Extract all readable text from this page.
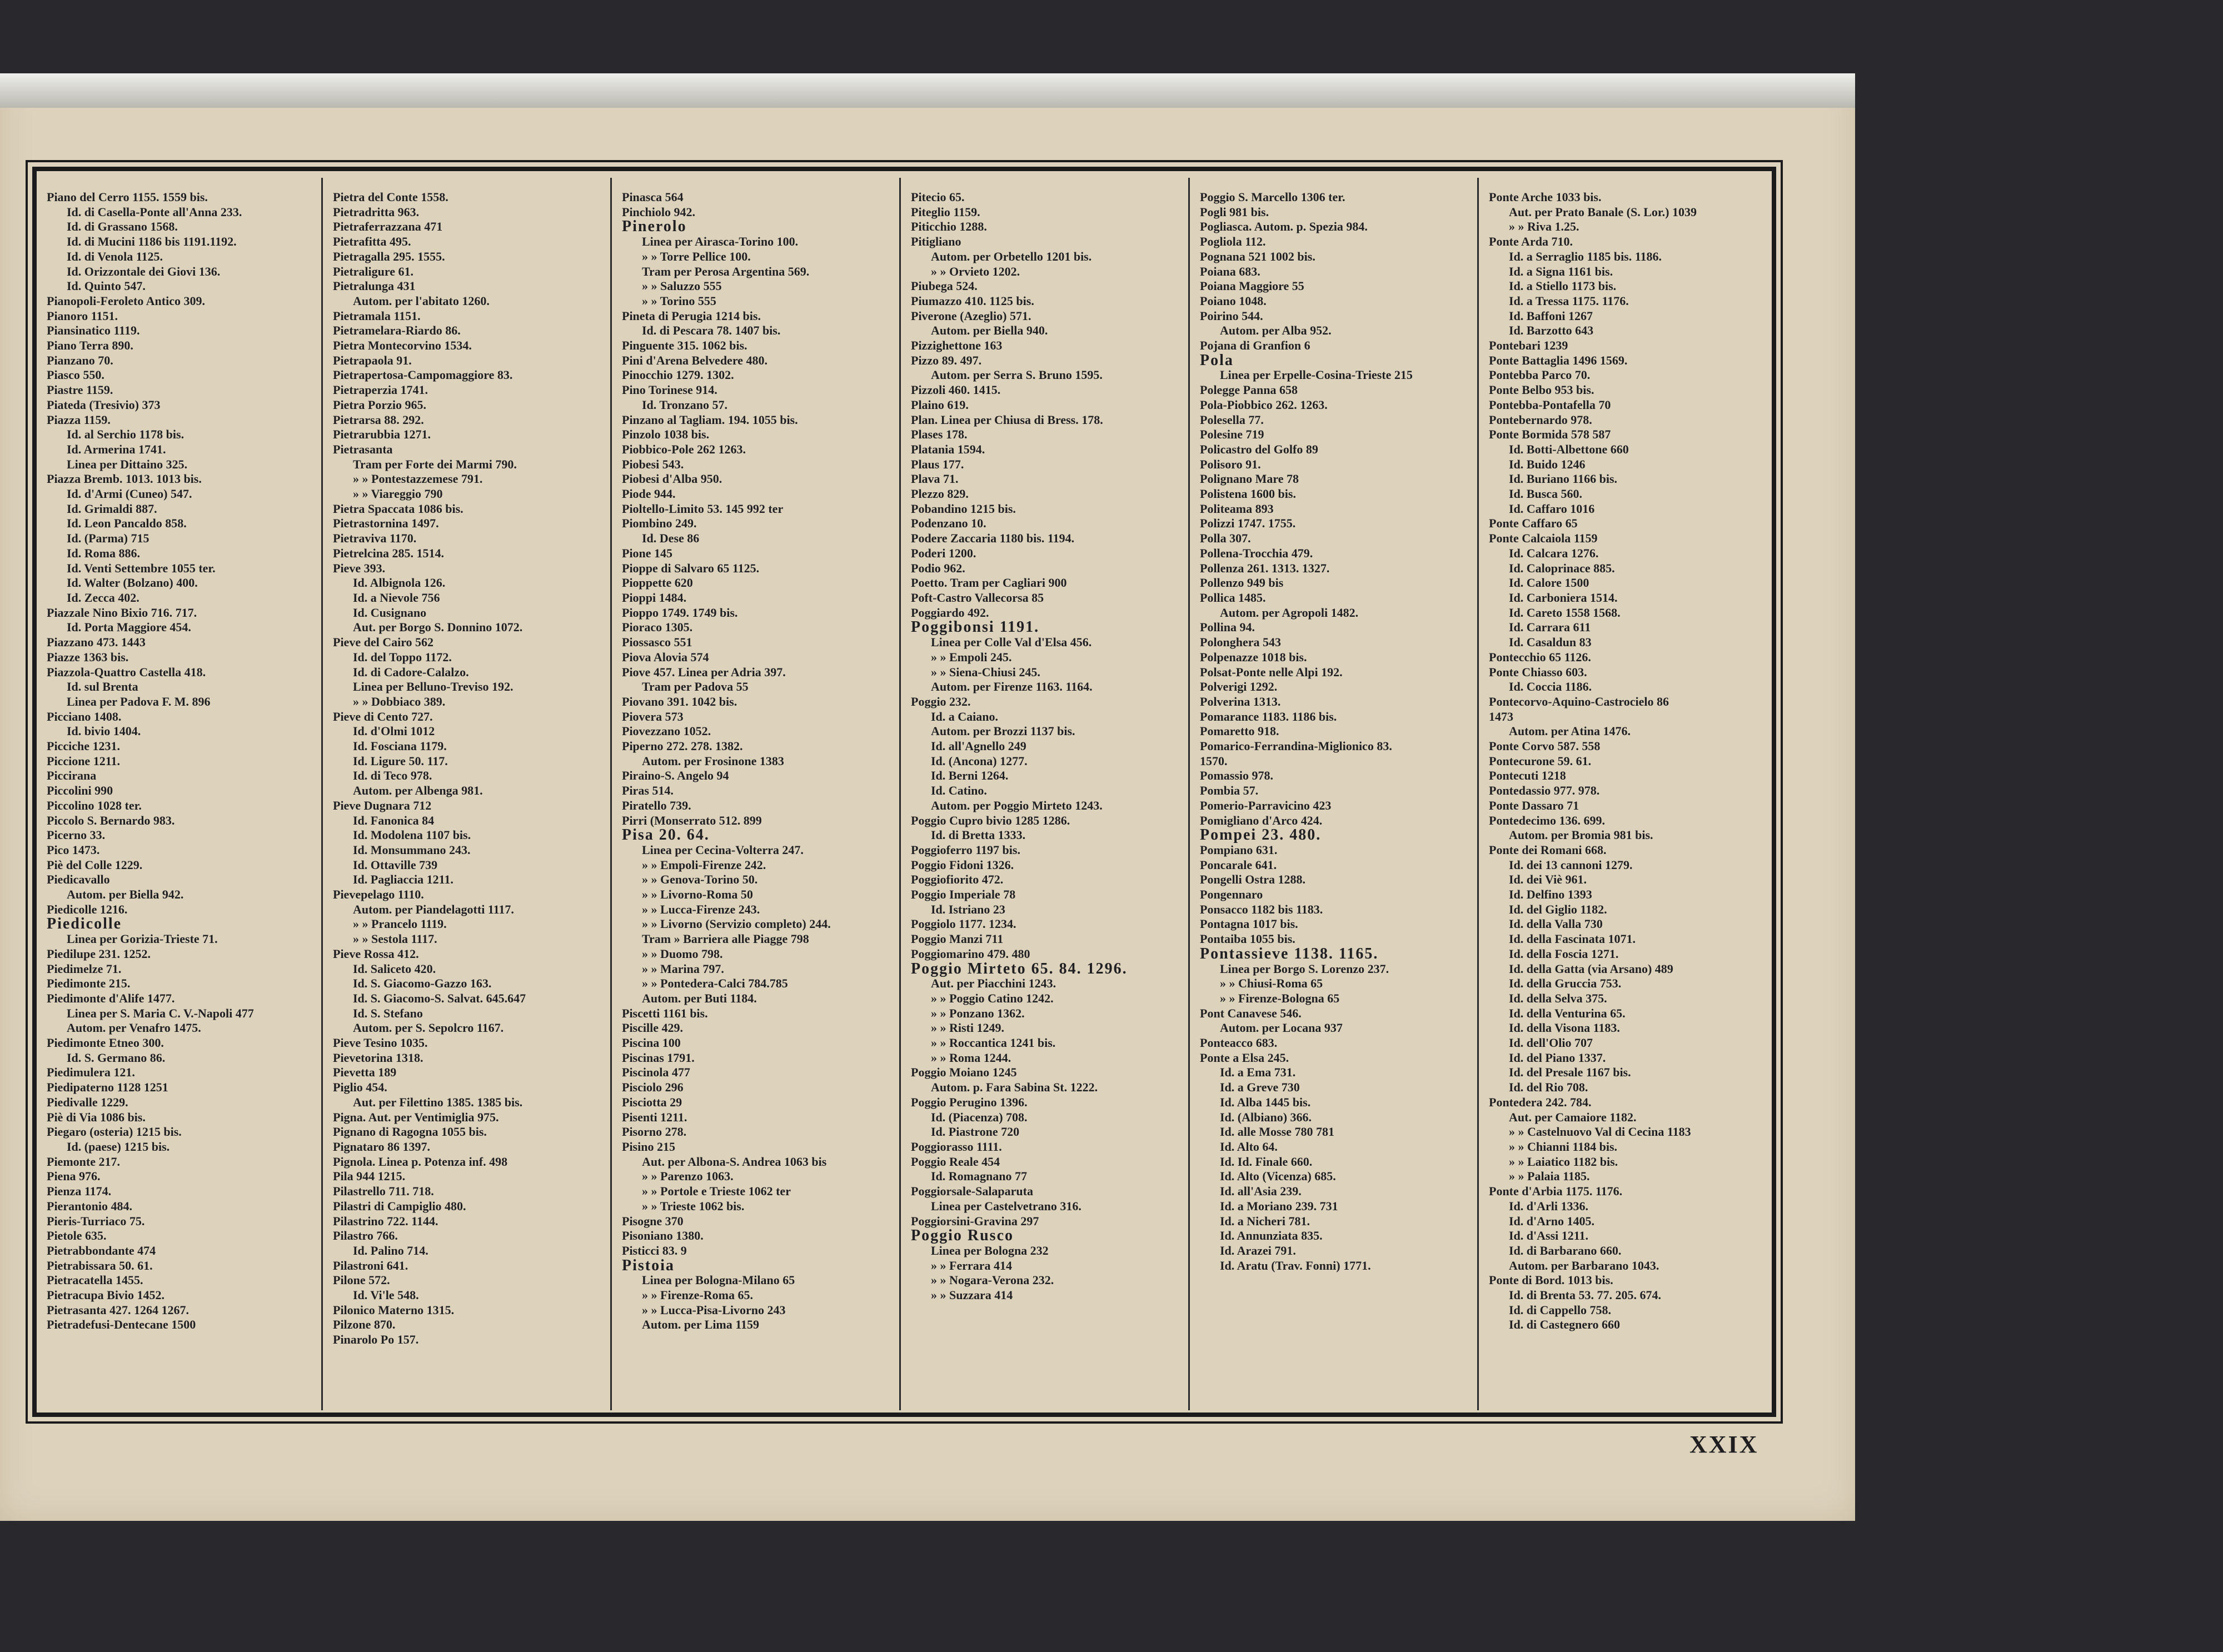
Piano del Cerro 1155. 1559 bis.
Id. di Casella-Ponte all'Anna 233.
Id. di Grassano 1568.
Id. di Mucini 1186 bis 1191.1192.
Id. di Venola 1125.
Id. Orizzontale dei Giovi 136.
Id. Quinto 547.
Pianopoli-Feroleto Antico 309.
Pianoro 1151.
Piansinatico 1119.
Piano Terra 890.
Pianzano 70.
Piasco 550.
Piastre 1159.
Piateda (Tresivio) 373
Piazza 1159.
Id. al Serchio 1178 bis.
Id. Armerina 1741.
Linea per Dittaino 325.
Piazza Bremb. 1013. 1013 bis.
Id. d'Armi (Cuneo) 547.
Id. Grimaldi 887.
Id. Leon Pancaldo 858.
Id. (Parma) 715
Id. Roma 886.
Id. Venti Settembre 1055 ter.
Id. Walter (Bolzano) 400.
Id. Zecca 402.
Piazzale Nino Bixio 716. 717.
Id. Porta Maggiore 454.
Piazzano 473. 1443
Piazze 1363 bis.
Piazzola-Quattro Castella 418.
Id. sul Brenta
Linea per Padova F. M. 896
Picciano 1408.
Id. bivio 1404.
Picciche 1231.
Piccione 1211.
Piccirana
Piccolini 990
Piccolino 1028 ter.
Piccolo S. Bernardo 983.
Picerno 33.
Pico 1473.
Piè del Colle 1229.
Piedicavallo
Autom. per Biella 942.
Piedicolle 1216.
Piedicolle
Linea per Gorizia-Trieste 71.
Piedilupe 231. 1252.
Piedimelze 71.
Piedimonte 215.
Piedimonte d'Alife 1477.
Linea per S. Maria C. V.-Napoli 477
Autom. per Venafro 1475.
Piedimonte Etneo 300.
Id. S. Germano 86.
Piedimulera 121.
Piedipaterno 1128 1251
Piedivalle 1229.
Piè di Via 1086 bis.
Piegaro (osteria) 1215 bis.
Id. (paese) 1215 bis.
Piemonte 217.
Piena 976.
Pienza 1174.
Pierantonio 484.
Pieris-Turriaco 75.
Pietole 635.
Pietrabbondante 474
Pietrabissara 50. 61.
Pietracatella 1455.
Pietracupa Bivio 1452.
Pietrasanta 427. 1264 1267.
Pietradefusi-Dentecane 1500
Pietra del Conte 1558.
Pietradritta 963.
Pietraferrazzana 471
Pietrafitta 495.
Pietragalla 295. 1555.
Pietraligure 61.
Pietralunga 431
Autom. per l'abitato 1260.
Pietramala 1151.
Pietramelara-Riardo 86.
Pietra Montecorvino 1534.
Pietrapaola 91.
Pietrapertosa-Campomaggiore 83.
Pietraperzia 1741.
Pietra Porzio 965.
Pietrarsa 88. 292.
Pietrarubbia 1271.
Pietrasanta
Tram per Forte dei Marmi 790.
» » Pontestazzemese 791.
» » Viareggio 790
Pietra Spaccata 1086 bis.
Pietrastornina 1497.
Pietraviva 1170.
Pietrelcina 285. 1514.
Pieve 393.
Id. Albignola 126.
Id. a Nievole 756
Id. Cusignano
Aut. per Borgo S. Donnino 1072.
Pieve del Cairo 562
Id. del Toppo 1172.
Id. di Cadore-Calalzo.
Linea per Belluno-Treviso 192.
» » Dobbiaco 389.
Pieve di Cento 727.
Id. d'Olmi 1012
Id. Fosciana 1179.
Id. Ligure 50. 117.
Id. di Teco 978.
Autom. per Albenga 981.
Pieve Dugnara 712
Id. Fanonica 84
Id. Modolena 1107 bis.
Id. Monsummano 243.
Id. Ottaville 739
Id. Pagliaccia 1211.
Pievepelago 1110.
Autom. per Piandelagotti 1117.
» » Prancelo 1119.
» » Sestola 1117.
Pieve Rossa 412.
Id. Saliceto 420.
Id. S. Giacomo-Gazzo 163.
Id. S. Giacomo-S. Salvat. 645.647
Id. S. Stefano
Autom. per S. Sepolcro 1167.
Pieve Tesino 1035.
Pievetorina 1318.
Pievetta 189
Piglio 454.
Aut. per Filettino 1385. 1385 bis.
Pigna. Aut. per Ventimiglia 975.
Pignano di Ragogna 1055 bis.
Pignataro 86 1397.
Pignola. Linea p. Potenza inf. 498
Pila 944 1215.
Pilastrello 711. 718.
Pilastri di Campiglio 480.
Pilastrino 722. 1144.
Pilastro 766.
Id. Palino 714.
Pilastroni 641.
Pilone 572.
Id. Vi'le 548.
Pilonico Materno 1315.
Pilzone 870.
Pinarolo Po 157.
Pinasca 564
Pinchiolo 942.
Pinerolo
Linea per Airasca-Torino 100.
» » Torre Pellice 100.
Tram per Perosa Argentina 569.
» » Saluzzo 555
» » Torino 555
Pineta di Perugia 1214 bis.
Id. di Pescara 78. 1407 bis.
Pinguente 315. 1062 bis.
Pini d'Arena Belvedere 480.
Pinocchio 1279. 1302.
Pino Torinese 914.
Id. Tronzano 57.
Pinzano al Tagliam. 194. 1055 bis.
Pinzolo 1038 bis.
Piobbico-Pole 262 1263.
Piobesi 543.
Piobesi d'Alba 950.
Piode 944.
Pioltello-Limito 53. 145 992 ter
Piombino 249.
Id. Dese 86
Pione 145
Pioppe di Salvaro 65 1125.
Pioppette 620
Pioppi 1484.
Pioppo 1749. 1749 bis.
Pioraco 1305.
Piossasco 551
Piova Alovia 574
Piove 457. Linea per Adria 397.
Tram per Padova 55
Piovano 391. 1042 bis.
Piovera 573
Piovezzano 1052.
Piperno 272. 278. 1382.
Autom. per Frosinone 1383
Piraino-S. Angelo 94
Piras 514.
Piratello 739.
Pirri (Monserrato 512. 899
Pisa 20. 64.
Linea per Cecina-Volterra 247.
» » Empoli-Firenze 242.
» » Genova-Torino 50.
» » Livorno-Roma 50
» » Lucca-Firenze 243.
» » Livorno (Servizio completo) 244.
Tram » Barriera alle Piagge 798
» » Duomo 798.
» » Marina 797.
» » Pontedera-Calci 784.785
Autom. per Buti 1184.
Piscetti 1161 bis.
Piscille 429.
Piscina 100
Piscinas 1791.
Piscinola 477
Pisciolo 296
Pisciotta 29
Pisenti 1211.
Pisorno 278.
Pisino 215
Aut. per Albona-S. Andrea 1063 bis
» » Parenzo 1063.
» » Portole e Trieste 1062 ter
» » Trieste 1062 bis.
Pisogne 370
Pisoniano 1380.
Pisticci 83. 9
Pistoia
Linea per Bologna-Milano 65
» » Firenze-Roma 65.
» » Lucca-Pisa-Livorno 243
Autom. per Lima 1159
Pitecio 65.
Piteglio 1159.
Piticchio 1288.
Pitigliano
Autom. per Orbetello 1201 bis.
» » Orvieto 1202.
Piubega 524.
Piumazzo 410. 1125 bis.
Piverone (Azeglio) 571.
Autom. per Biella 940.
Pizzighettone 163
Pizzo 89. 497.
Autom. per Serra S. Bruno 1595.
Pizzoli 460. 1415.
Plaino 619.
Plan. Linea per Chiusa di Bress. 178.
Plases 178.
Platania 1594.
Plaus 177.
Plava 71.
Plezzo 829.
Pobandino 1215 bis.
Podenzano 10.
Podere Zaccaria 1180 bis. 1194.
Poderi 1200.
Podio 962.
Poetto. Tram per Cagliari 900
Poft-Castro Vallecorsa 85
Poggiardo 492.
Poggibonsi 1191.
Linea per Colle Val d'Elsa 456.
» » Empoli 245.
» » Siena-Chiusi 245.
Autom. per Firenze 1163. 1164.
Poggio 232.
Id. a Caiano.
Autom. per Brozzi 1137 bis.
Id. all'Agnello 249
Id. (Ancona) 1277.
Id. Berni 1264.
Id. Catino.
Autom. per Poggio Mirteto 1243.
Poggio Cupro bivio 1285 1286.
Id. di Bretta 1333.
Poggioferro 1197 bis.
Poggio Fidoni 1326.
Poggiofiorito 472.
Poggio Imperiale 78
Id. Istriano 23
Poggiolo 1177. 1234.
Poggio Manzi 711
Poggiomarino 479. 480
Poggio Mirteto 65. 84. 1296.
Aut. per Piacchini 1243.
» » Poggio Catino 1242.
» » Ponzano 1362.
» » Risti 1249.
» » Roccantica 1241 bis.
» » Roma 1244.
Poggio Moiano 1245
Autom. p. Fara Sabina St. 1222.
Poggio Perugino 1396.
Id. (Piacenza) 708.
Id. Piastrone 720
Poggiorasso 1111.
Poggio Reale 454
Id. Romagnano 77
Poggiorsale-Salaparuta
Linea per Castelvetrano 316.
Poggiorsini-Gravina 297
Poggio Rusco
Linea per Bologna 232
» » Ferrara 414
» » Nogara-Verona 232.
» » Suzzara 414
Poggio S. Marcello 1306 ter.
Pogli 981 bis.
Pogliasca. Autom. p. Spezia 984.
Pogliola 112.
Pognana 521 1002 bis.
Poiana 683.
Poiana Maggiore 55
Poiano 1048.
Poirino 544.
Autom. per Alba 952.
Pojana di Granfion 6
Pola
Linea per Erpelle-Cosina-Trieste 215
Polegge Panna 658
Pola-Piobbico 262. 1263.
Polesella 77.
Polesine 719
Policastro del Golfo 89
Polisoro 91.
Polignano Mare 78
Polistena 1600 bis.
Politeama 893
Polizzi 1747. 1755.
Polla 307.
Pollena-Trocchia 479.
Pollenza 261. 1313. 1327.
Pollenzo 949 bis
Pollica 1485.
Autom. per Agropoli 1482.
Pollina 94.
Polonghera 543
Polpenazze 1018 bis.
Polsat-Ponte nelle Alpi 192.
Polverigi 1292.
Polverina 1313.
Pomarance 1183. 1186 bis.
Pomaretto 918.
Pomarico-Ferrandina-Miglionico 83.
1570.
Pomassio 978.
Pombia 57.
Pomerio-Parravicino 423
Pomigliano d'Arco 424.
Pompei 23. 480.
Pompiano 631.
Poncarale 641.
Pongelli Ostra 1288.
Pongennaro
Ponsacco 1182 bis 1183.
Pontagna 1017 bis.
Pontaiba 1055 bis.
Pontassieve 1138. 1165.
Linea per Borgo S. Lorenzo 237.
» » Chiusi-Roma 65
» » Firenze-Bologna 65
Pont Canavese 546.
Autom. per Locana 937
Ponteacco 683.
Ponte a Elsa 245.
Id. a Ema 731.
Id. a Greve 730
Id. Alba 1445 bis.
Id. (Albiano) 366.
Id. alle Mosse 780 781
Id. Alto 64.
Id. Id. Finale 660.
Id. Alto (Vicenza) 685.
Id. all'Asia 239.
Id. a Moriano 239. 731
Id. a Nicheri 781.
Id. Annunziata 835.
Id. Arazei 791.
Id. Aratu (Trav. Fonni) 1771.
Ponte Arche 1033 bis.
Aut. per Prato Banale (S. Lor.) 1039
» » Riva 1.25.
Ponte Arda 710.
Id. a Serraglio 1185 bis. 1186.
Id. a Signa 1161 bis.
Id. a Stiello 1173 bis.
Id. a Tressa 1175. 1176.
Id. Baffoni 1267
Id. Barzotto 643
Pontebari 1239
Ponte Battaglia 1496 1569.
Pontebba Parco 70.
Ponte Belbo 953 bis.
Pontebba-Pontafella 70
Pontebernardo 978.
Ponte Bormida 578 587
Id. Botti-Albettone 660
Id. Buido 1246
Id. Buriano 1166 bis.
Id. Busca 560.
Id. Caffaro 1016
Ponte Caffaro 65
Ponte Calcaiola 1159
Id. Calcara 1276.
Id. Caloprinace 885.
Id. Calore 1500
Id. Carboniera 1514.
Id. Careto 1558 1568.
Id. Carrara 611
Id. Casaldun 83
Pontecchio 65 1126.
Ponte Chiasso 603.
Id. Coccia 1186.
Pontecorvo-Aquino-Castrocielo 86
1473
Autom. per Atina 1476.
Ponte Corvo 587. 558
Pontecurone 59. 61.
Pontecuti 1218
Pontedassio 977. 978.
Ponte Dassaro 71
Pontedecimo 136. 699.
Autom. per Bromia 981 bis.
Ponte dei Romani 668.
Id. dei 13 cannoni 1279.
Id. dei Viè 961.
Id. Delfino 1393
Id. del Giglio 1182.
Id. della Valla 730
Id. della Fascinata 1071.
Id. della Foscia 1271.
Id. della Gatta (via Arsano) 489
Id. della Gruccia 753.
Id. della Selva 375.
Id. della Venturina 65.
Id. della Visona 1183.
Id. dell'Olio 707
Id. del Piano 1337.
Id. del Presale 1167 bis.
Id. del Rio 708.
Pontedera 242. 784.
Aut. per Camaiore 1182.
» » Castelnuovo Val di Cecina 1183
» » Chianni 1184 bis.
» » Laiatico 1182 bis.
» » Palaia 1185.
Ponte d'Arbia 1175. 1176.
Id. d'Arli 1336.
Id. d'Arno 1405.
Id. d'Assi 1211.
Id. di Barbarano 660.
Autom. per Barbarano 1043.
Ponte di Bord. 1013 bis.
Id. di Brenta 53. 77. 205. 674.
Id. di Cappello 758.
Id. di Castegnero 660
XXIX
